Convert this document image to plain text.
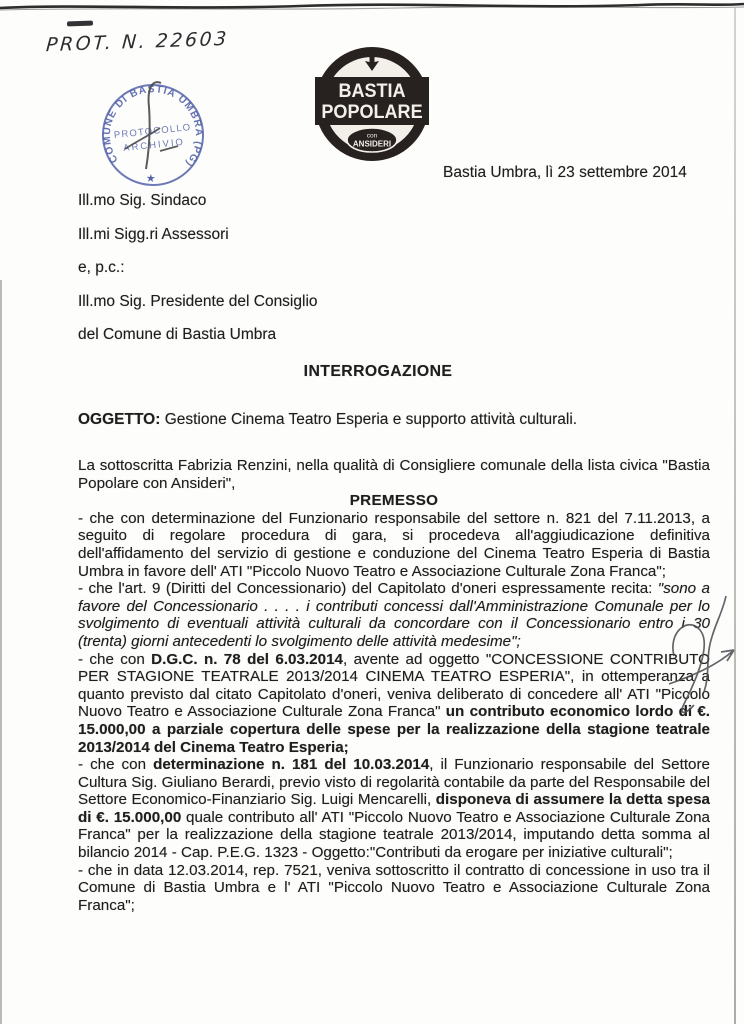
PROT. N. 22603
COMUNE DI BASTIA UMBRA (PG)
★
PROTOCOLLO
ARCHIVIO
BASTIA
POPOLARE
con
ANSIDERI
Bastia Umbra, lì 23 settembre 2014
Ill.mo Sig. Sindaco
Ill.mi Sigg.ri Assessori
e, p.c.:
Ill.mo Sig. Presidente del Consiglio
del Comune di Bastia Umbra
INTERROGAZIONE
OGGETTO: Gestione Cinema Teatro Esperia e supporto attività culturali.

La sottoscritta Fabrizia Renzini, nella qualità di Consigliere comunale della lista civica "Bastia Popolare con Ansideri",

PREMESSO

- che con determinazione del Funzionario responsabile del settore n. 821 del 7.11.2013, a seguito di regolare procedura di gara, si procedeva all'aggiudicazione definitiva dell'affidamento del servizio di gestione e conduzione del Cinema Teatro Esperia di Bastia Umbra in favore dell' ATI "Piccolo Nuovo Teatro e Associazione Culturale Zona Franca";

- che l'art. 9 (Diritti del Concessionario) del Capitolato d'oneri espressamente recita: "sono a favore del Concessionario . . . . i contributi concessi dall'Amministrazione Comunale per lo svolgimento di eventuali attività culturali da concordare con il Concessionario entro i 30 (trenta) giorni antecedenti lo svolgimento delle attività medesime";

- che con D.G.C. n. 78 del 6.03.2014, avente ad oggetto "CONCESSIONE CONTRIBUTO PER STAGIONE TEATRALE 2013/2014 CINEMA TEATRO ESPERIA", in ottemperanza a quanto previsto dal citato Capitolato d'oneri, veniva deliberato di concedere all' ATI "Piccolo Nuovo Teatro e Associazione Culturale Zona Franca" un contributo economico lordo di €. 15.000,00 a parziale copertura delle spese per la realizzazione della stagione teatrale 2013/2014 del Cinema Teatro Esperia;

- che con determinazione n. 181 del 10.03.2014, il Funzionario responsabile del Settore Cultura Sig. Giuliano Berardi, previo visto di regolarità contabile da parte del Responsabile del Settore Economico-Finanziario Sig. Luigi Mencarelli, disponeva di assumere la detta spesa di €. 15.000,00 quale contributo all' ATI "Piccolo Nuovo Teatro e Associazione Culturale Zona Franca" per la realizzazione della stagione teatrale 2013/2014, imputando detta somma al bilancio 2014 - Cap. P.E.G. 1323 - Oggetto:"Contributi da erogare per iniziative culturali";

- che in data 12.03.2014, rep. 7521, veniva sottoscritto il contratto di concessione in uso tra il Comune di Bastia Umbra e l' ATI "Piccolo Nuovo Teatro e Associazione Culturale Zona Franca";
